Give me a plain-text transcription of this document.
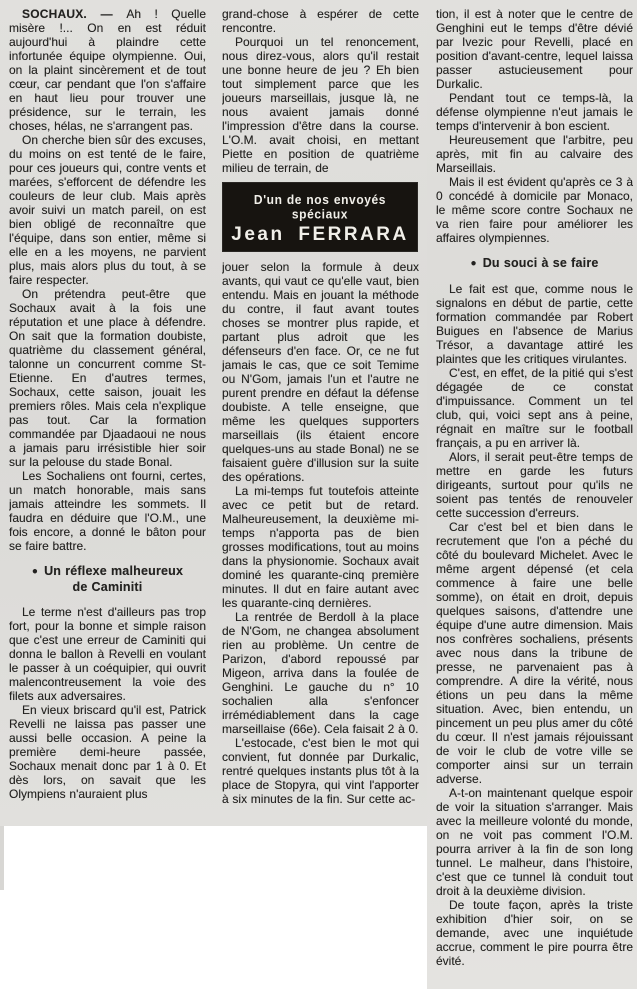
SOCHAUX. — Ah ! Quelle misère !... On en est réduit aujourd'hui à plaindre cette infortunée équipe olympienne. Oui, on la plaint sincèrement et de tout cœur, car pendant que l'on s'affaire en haut lieu pour trouver une présidence, sur le terrain, les choses, hélas, ne s'arrangent pas.

On cherche bien sûr des excuses, du moins on est tenté de le faire, pour ces joueurs qui, contre vents et marées, s'efforcent de défendre les couleurs de leur club. Mais après avoir suivi un match pareil, on est bien obligé de reconnaître que l'équipe, dans son entier, même si elle en a les moyens, ne parvient plus, mais alors plus du tout, à se faire respecter.

On prétendra peut-être que Sochaux avait à la fois une réputation et une place à défendre. On sait que la formation doubiste, quatrième du classement général, talonne un concurrent comme St-Etienne. En d'autres termes, Sochaux, cette saison, jouait les premiers rôles. Mais cela n'explique pas tout. Car la formation commandée par Djaadaoui ne nous a jamais paru irrésistible hier soir sur la pelouse du stade Bonal.

Les Sochaliens ont fourni, certes, un match honorable, mais sans jamais atteindre les sommets. Il faudra en déduire que l'O.M., une fois encore, a donné le bâton pour se faire battre.

● Un réflexe malheureux
de Caminiti

Le terme n'est d'ailleurs pas trop fort, pour la bonne et simple raison que c'est une erreur de Caminiti qui donna le ballon à Revelli en voulant le passer à un coéquipier, qui ouvrit malencontreusement la voie des filets aux adversaires.

En vieux briscard qu'il est, Patrick Revelli ne laissa pas passer une aussi belle occasion. A peine la première demi-heure passée, Sochaux menait donc par 1 à 0. Et dès lors, on savait que les Olympiens n'auraient plus

grand-chose à espérer de cette rencontre.

Pourquoi un tel renoncement, nous direz-vous, alors qu'il restait une bonne heure de jeu ? Eh bien tout simplement parce que les joueurs marseillais, jusque là, ne nous avaient jamais donné l'impression d'être dans la course. L'O.M. avait choisi, en mettant Piette en position de quatrième milieu de terrain, de

D'un de nos envoyés spéciaux
Jean FERRARA

jouer selon la formule à deux avants, qui vaut ce qu'elle vaut, bien entendu. Mais en jouant la méthode du contre, il faut avant toutes choses se montrer plus rapide, et partant plus adroit que les défenseurs d'en face. Or, ce ne fut jamais le cas, que ce soit Temime ou N'Gom, jamais l'un et l'autre ne purent prendre en défaut la défense doubiste. A telle enseigne, que même les quelques supporters marseillais (ils étaient encore quelques-uns au stade Bonal) ne se faisaient guère d'illusion sur la suite des opérations.

La mi-temps fut toutefois atteinte avec ce petit but de retard. Malheureusement, la deuxième mi-temps n'apporta pas de bien grosses modifications, tout au moins dans la physionomie. Sochaux avait dominé les quarante-cinq première minutes. Il dut en faire autant avec les quarante-cinq dernières.

La rentrée de Berdoll à la place de N'Gom, ne changea absolument rien au problème. Un centre de Parizon, d'abord repoussé par Migeon, arriva dans la foulée de Genghini. Le gauche du n° 10 sochalien alla s'enfoncer irrémédiablement dans la cage marseillaise (66e). Cela faisait 2 à 0.

L'estocade, c'est bien le mot qui convient, fut donnée par Durkalic, rentré quelques instants plus tôt à la place de Stopyra, qui vint l'apporter à six minutes de la fin. Sur cette ac-

tion, il est à noter que le centre de Genghini eut le temps d'être dévié par Ivezic pour Revelli, placé en position d'avant-centre, lequel laissa passer astucieusement pour Durkalic.

Pendant tout ce temps-là, la défense olympienne n'eut jamais le temps d'intervenir à bon escient.

Heureusement que l'arbitre, peu après, mit fin au calvaire des Marseillais.

Mais il est évident qu'après ce 3 à 0 concédé à domicile par Monaco, le même score contre Sochaux ne va rien faire pour améliorer les affaires olympiennes.

● Du souci à se faire

Le fait est que, comme nous le signalons en début de partie, cette formation commandée par Robert Buigues en l'absence de Marius Trésor, a davantage attiré les plaintes que les critiques virulantes.

C'est, en effet, de la pitié qui s'est dégagée de ce constat d'impuissance. Comment un tel club, qui, voici sept ans à peine, régnait en maître sur le football français, a pu en arriver là.

Alors, il serait peut-être temps de mettre en garde les futurs dirigeants, surtout pour qu'ils ne soient pas tentés de renouveler cette succession d'erreurs.

Car c'est bel et bien dans le recrutement que l'on a péché du côté du boulevard Michelet. Avec le même argent dépensé (et cela commence à faire une belle somme), on était en droit, depuis quelques saisons, d'attendre une équipe d'une autre dimension. Mais nos confrères sochaliens, présents avec nous dans la tribune de presse, ne parvenaient pas à comprendre. A dire la vérité, nous étions un peu dans la même situation. Avec, bien entendu, un pincement un peu plus amer du côté du cœur. Il n'est jamais réjouissant de voir le club de votre ville se comporter ainsi sur un terrain adverse.

A-t-on maintenant quelque espoir de voir la situation s'arranger. Mais avec la meilleure volonté du monde, on ne voit pas comment l'O.M. pourra arriver à la fin de son long tunnel. Le malheur, dans l'histoire, c'est que ce tunnel là conduit tout droit à la deuxième division.

De toute façon, après la triste exhibition d'hier soir, on se demande, avec une inquiétude accrue, comment le pire pourra être évité.
